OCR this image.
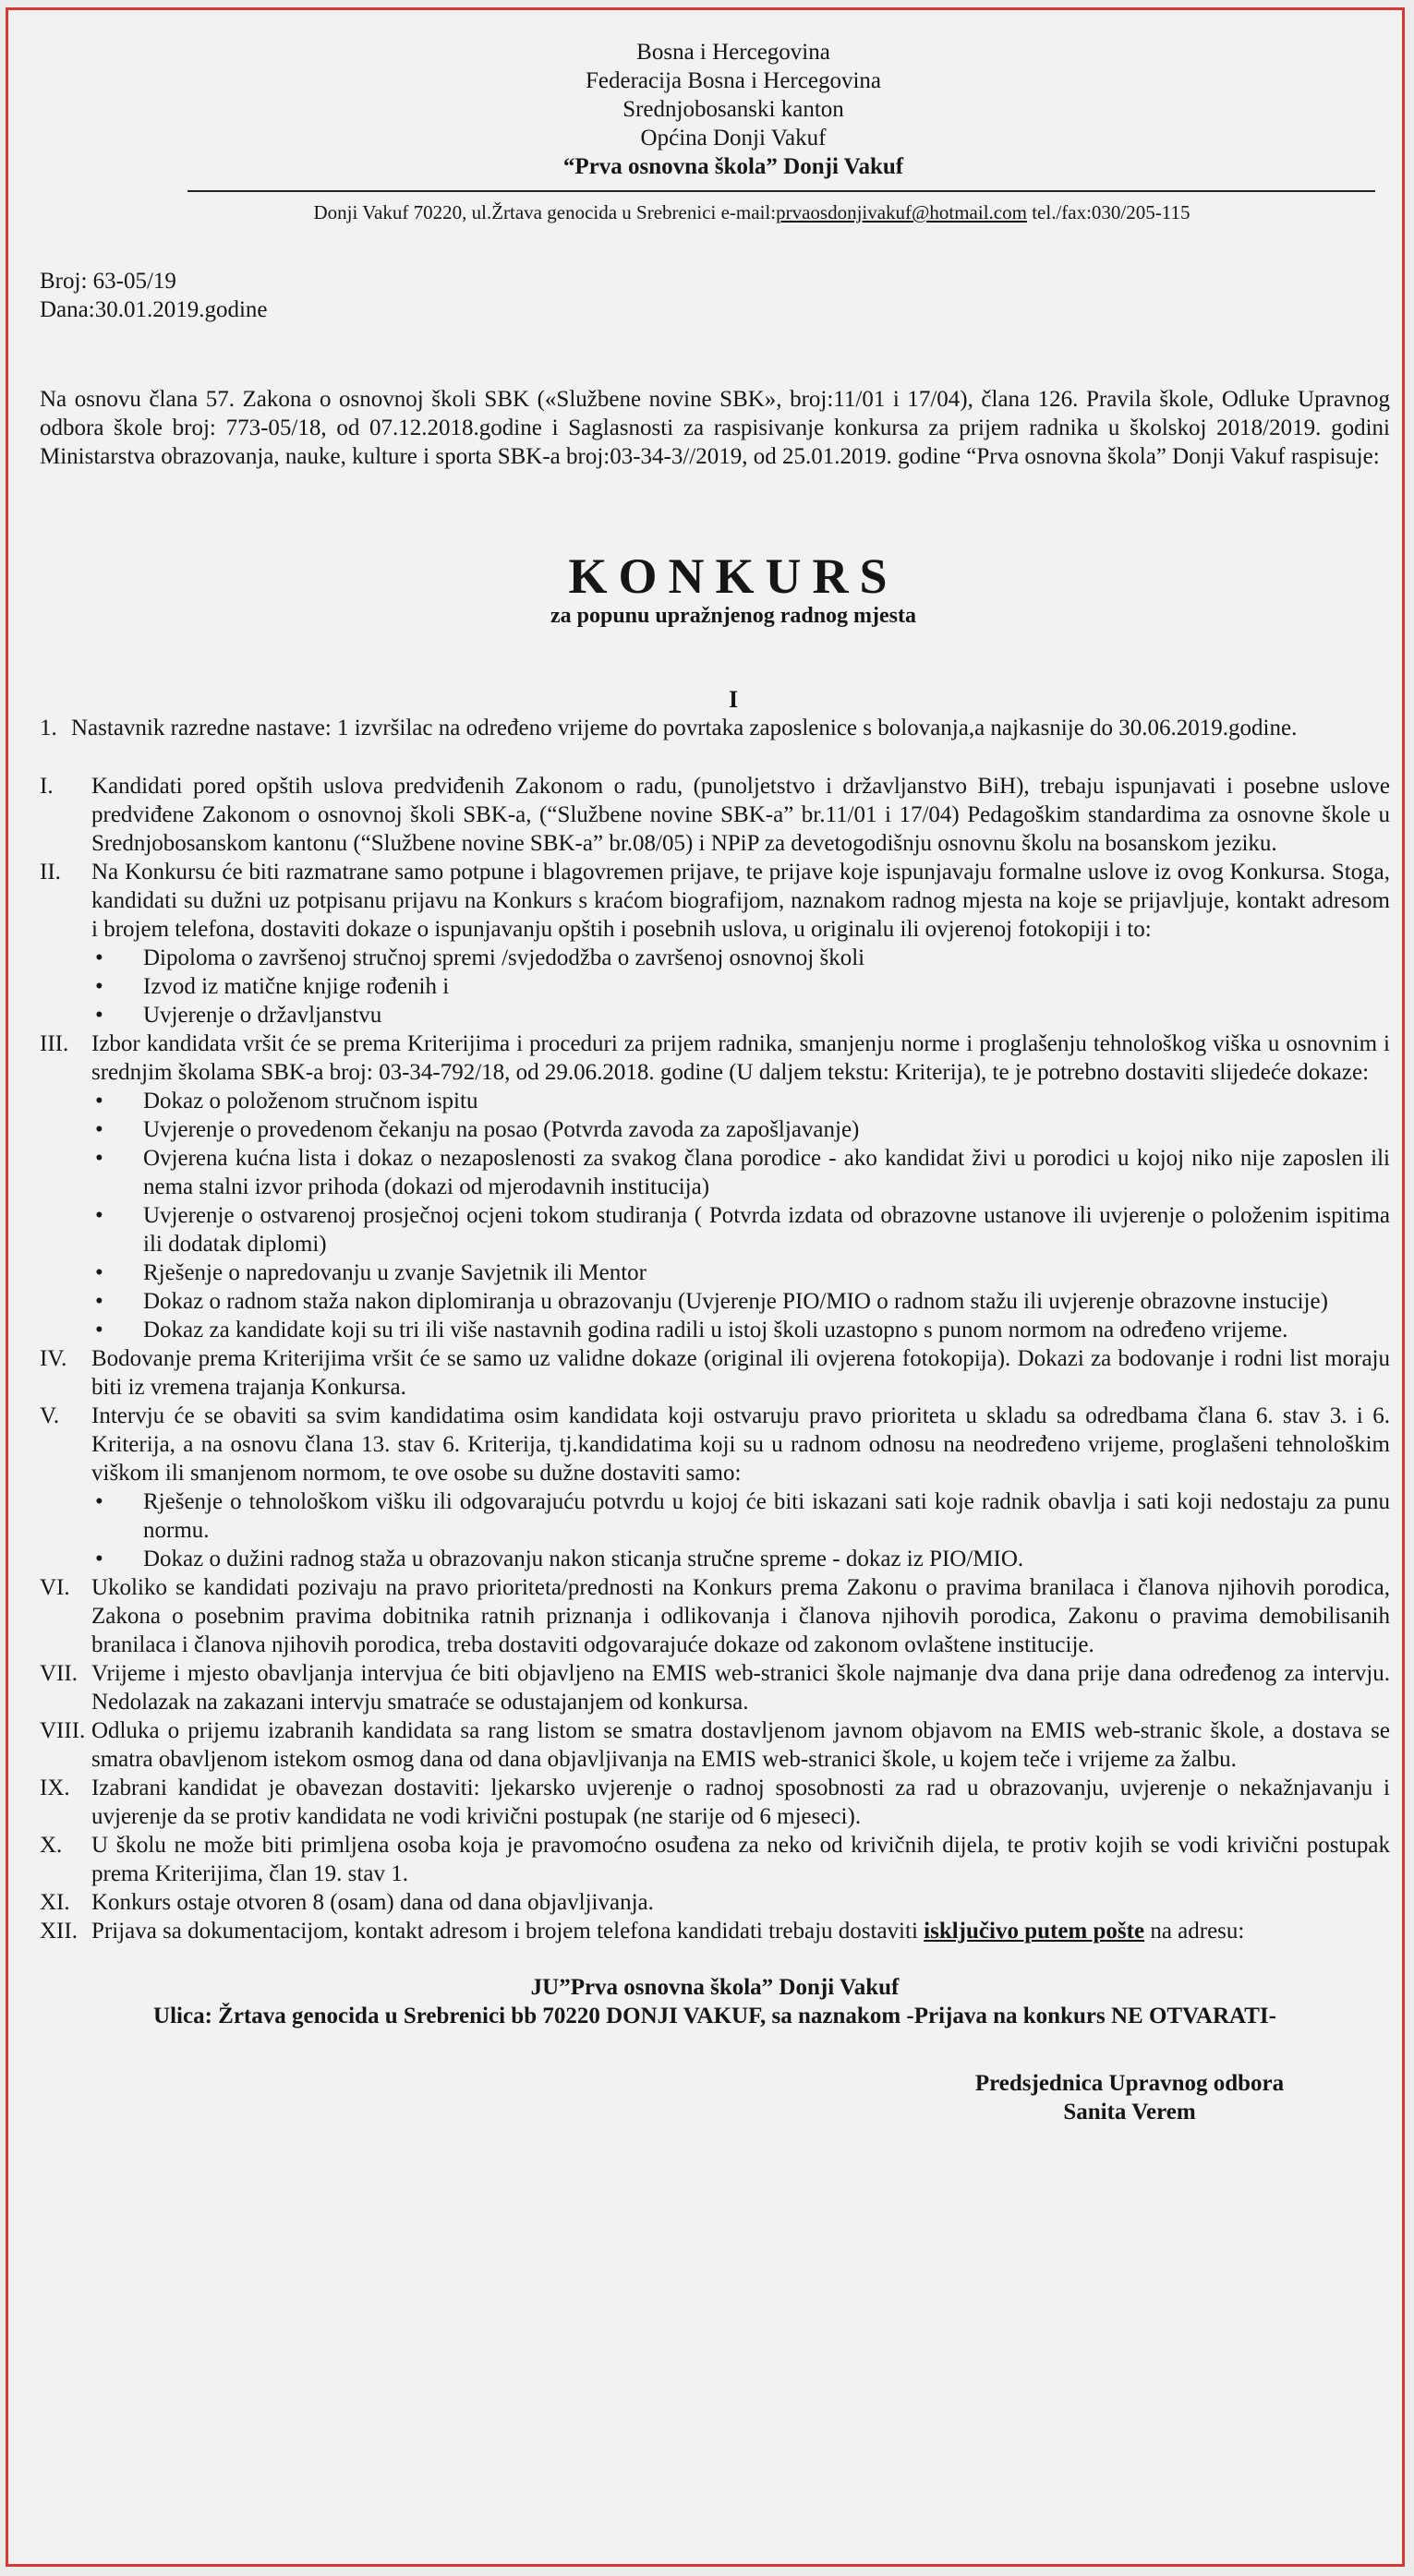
Bosna i Hercegovina
Federacija Bosna i Hercegovina
Srednjobosanski kanton
Općina Donji Vakuf
“Prva osnovna škola” Donji Vakuf
Donji Vakuf 70220, ul.Žrtava genocida u Srebrenici e-mail:prvaosdonjivakuf@hotmail.com tel./fax:030/205-115
Broj: 63-05/19
Dana:30.01.2019.godine
Na osnovu člana 57. Zakona o osnovnoj školi SBK («Službene novine SBK», broj:11/01 i 17/04), člana 126. Pravila škole, Odluke Upravnog odbora škole broj: 773-05/18, od 07.12.2018.godine i Saglasnosti za raspisivanje konkursa za prijem radnika u školskoj 2018/2019. godini Ministarstva obrazovanja, nauke, kulture i sporta SBK-a broj:03-34-3//2019, od 25.01.2019. godine “Prva osnovna škola” Donji Vakuf raspisuje:
KONKURS
za popunu upražnjenog radnog mjesta
I
1. Nastavnik razredne nastave: 1 izvršilac na određeno vrijeme do povrtaka zaposlenice s bolovanja,a najkasnije do 30.06.2019.godine.
I.	Kandidati pored opštih uslova predviđenih Zakonom o radu, (punoljetstvo i državljanstvo BiH), trebaju ispunjavati i posebne uslove predviđene Zakonom o osnovnoj školi SBK-a, (“Službene novine SBK-a” br.11/01 i 17/04) Pedagoškim standardima za osnovne škole u Srednjobosanskom kantonu (“Službene novine SBK-a” br.08/05) i NPiP za devetogodišnju osnovnu školu na bosanskom jeziku.
II.	Na Konkursu će biti razmatrane samo potpune i blagovremen prijave, te prijave koje ispunjavaju formalne uslove iz ovog Konkursa. Stoga, kandidati su dužni uz potpisanu prijavu na Konkurs s kraćom biografijom, naznakom radnog mjesta na koje se prijavljuje, kontakt adresom i brojem telefona, dostaviti dokaze o ispunjavanju opštih i posebnih uslova, u originalu ili ovjerenoj fotokopiji i to:
• Dipoloma o završenoj stručnoj spremi /svjedodžba o završenoj osnovnoj školi
• Izvod iz matične knjige rođenih i
• Uvjerenje o državljanstvu
III. Izbor kandidata vršit će se prema Kriterijima i proceduri za prijem radnika, smanjenju norme i proglašenju tehnološkog viška u osnovnim i srednjim školama SBK-a broj: 03-34-792/18, od 29.06.2018. godine (U daljem tekstu: Kriterija), te je potrebno dostaviti slijedeće dokaze:
• Dokaz o položenom stručnom ispitu
• Uvjerenje o provedenom čekanju na posao (Potvrda zavoda za zapošljavanje)
• Ovjerena kućna lista i dokaz o nezaposlenosti za svakog člana porodice - ako kandidat živi u porodici u kojoj niko nije zaposlen ili nema stalni izvor prihoda (dokazi od mjerodavnih institucija)
• Uvjerenje o ostvarenoj prosječnoj ocjeni tokom studiranja ( Potvrda izdata od obrazovne ustanove ili uvjerenje o položenim ispitima ili dodatak diplomi)
• Rješenje o napredovanju u zvanje Savjetnik ili Mentor
• Dokaz o radnom staža nakon diplomiranja u obrazovanju (Uvjerenje PIO/MIO o radnom stažu ili uvjerenje obrazovne instucije)
• Dokaz za kandidate koji su tri ili više nastavnih godina radili u istoj školi uzastopno s punom normom na određeno vrijeme.
IV.	Bodovanje prema Kriterijima vršit će se samo uz validne dokaze (original ili ovjerena fotokopija). Dokazi za bodovanje i rodni list moraju biti iz vremena trajanja Konkursa.
V.	Intervju će se obaviti sa svim kandidatima osim kandidata koji ostvaruju pravo prioriteta u skladu sa odredbama člana 6. stav 3. i 6. Kriterija, a na osnovu člana 13. stav 6. Kriterija, tj.kandidatima koji su u radnom odnosu na neodređeno vrijeme, proglašeni tehnološkim viškom ili smanjenom normom, te ove osobe su dužne dostaviti samo:
• Rješenje o tehnološkom višku ili odgovarajuću potvrdu u kojoj će biti iskazani sati koje radnik obavlja i sati koji nedostaju za punu normu.
• Dokaz o dužini radnog staža u obrazovanju nakon sticanja stručne spreme - dokaz iz PIO/MIO.
VI. Ukoliko se kandidati pozivaju na pravo prioriteta/prednosti na Konkurs prema Zakonu o pravima branilaca i članova njihovih porodica, Zakona o posebnim pravima dobitnika ratnih priznanja i odlikovanja i članova njihovih porodica, Zakonu o pravima demobilisanih branilaca i članova njihovih porodica, treba dostaviti odgovarajuće dokaze od zakonom ovlaštene institucije.
VII. Vrijeme i mjesto obavljanja intervjua će biti objavljeno na EMIS web-stranici škole najmanje dva dana prije dana određenog za intervju. Nedolazak na zakazani intervju smatraće se odustajanjem od konkursa.
VIII. Odluka o prijemu izabranih kandidata sa rang listom se smatra dostavljenom javnom objavom na EMIS web-stranic škole, a dostava se smatra obavljenom istekom osmog dana od dana objavljivanja na EMIS web-stranici škole, u kojem teče i vrijeme za žalbu.
IX. Izabrani kandidat je obavezan dostaviti: ljekarsko uvjerenje o radnoj sposobnosti za rad u obrazovanju, uvjerenje o nekažnjavanju i uvjerenje da se protiv kandidata ne vodi krivični postupak (ne starije od 6 mjeseci).
X.	U školu ne može biti primljena osoba koja je pravomoćno osuđena za neko od krivičnih dijela, te protiv kojih se vodi krivični postupak prema Kriterijima, član 19. stav 1.
XI. Konkurs ostaje otvoren 8 (osam) dana od dana objavljivanja.
XII. Prijava sa dokumentacijom, kontakt adresom i brojem telefona kandidati trebaju dostaviti isključivo putem pošte na adresu:
JU”Prva osnovna škola” Donji Vakuf
Ulica: Žrtava genocida u Srebrenici bb 70220 DONJI VAKUF, sa naznakom -Prijava na konkurs NE OTVARATI-
Predsjednica Upravnog odbora
Sanita Verem
